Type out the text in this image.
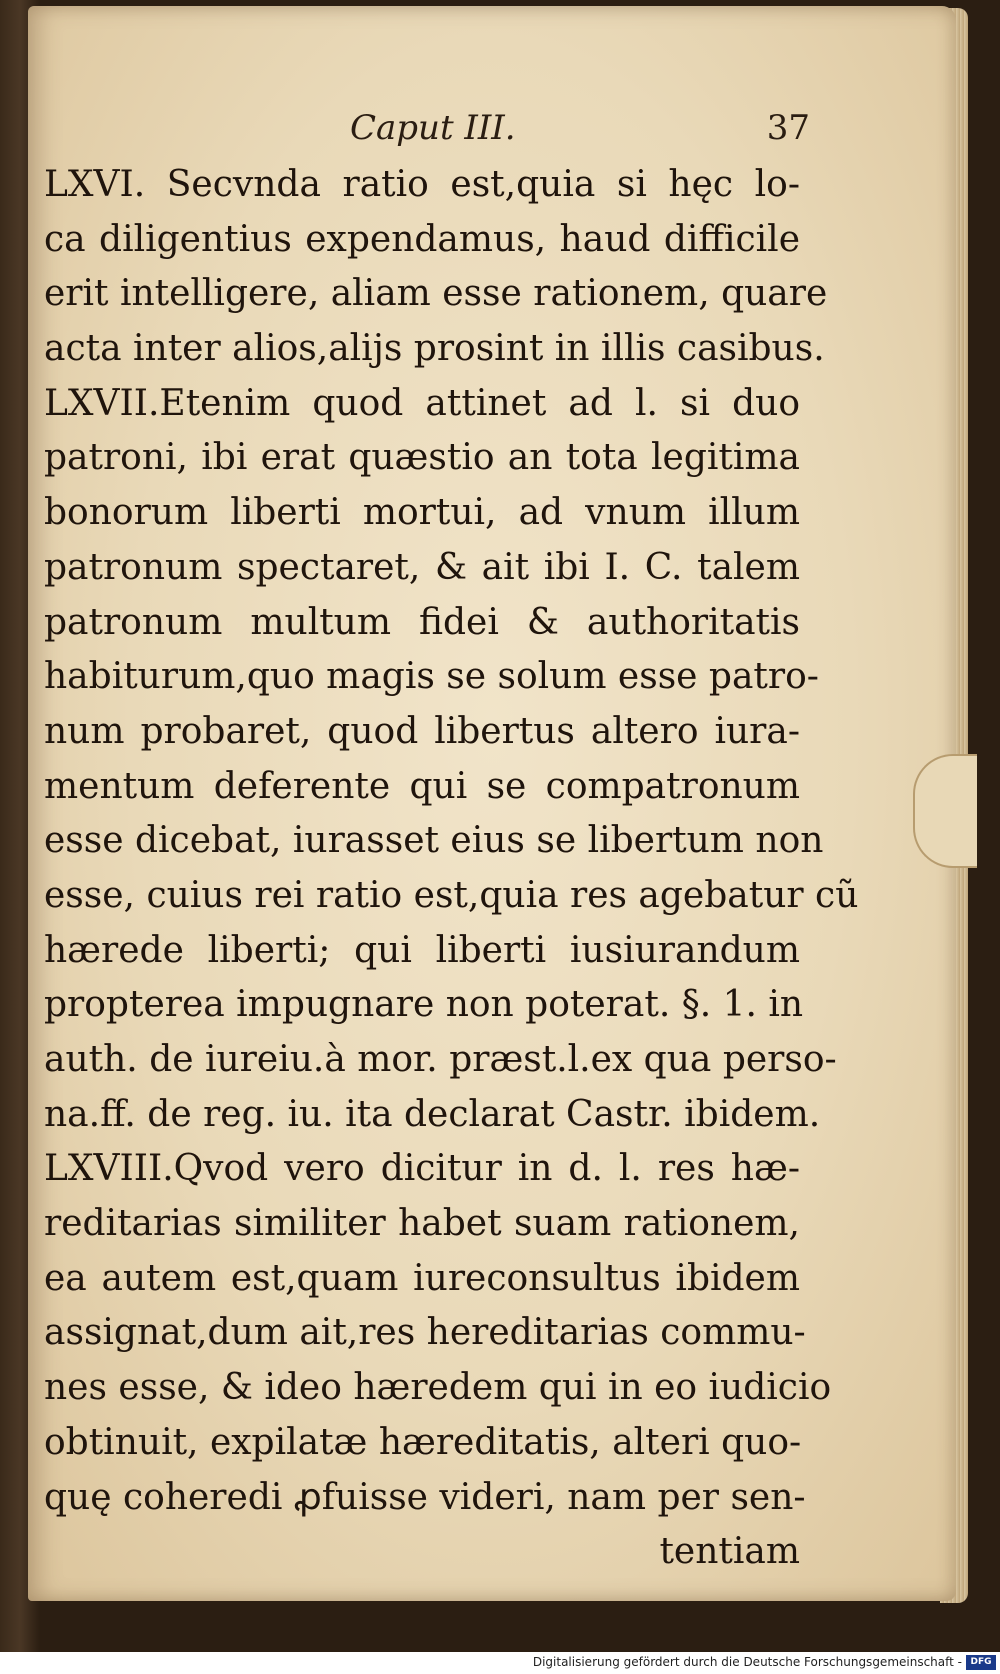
Caput III.	37
LXVI. Secvnda ratio est,quia si hęc lo-
ca diligentius expendamus, haud difficile
erit intelligere, aliam esse rationem, quare
acta inter alios,alijs prosint in illis casibus.
LXVII.Etenim quod attinet ad l. si duo
patroni, ibi erat quæstio an tota legitima
bonorum liberti mortui, ad vnum illum
patronum spectaret, & ait ibi I. C. talem
patronum multum fidei & authoritatis
habiturum,quo magis se solum esse patro-
num probaret, quod libertus altero iura-
mentum deferente qui se compatronum
esse dicebat, iurasset eius se libertum non
esse, cuius rei ratio est,quia res agebatur cũ
hærede liberti; qui liberti iusiurandum
propterea impugnare non poterat. §. 1. in
auth. de iureiu.à mor. præst.l.ex qua perso-
na.ff. de reg. iu. ita declarat Castr. ibidem.
LXVIII.Qvod vero dicitur in d. l. res hæ-
reditarias similiter habet suam rationem,
ea autem est,quam iureconsultus ibidem
assignat,dum ait,res hereditarias commu-
nes esse, & ideo hæredem qui in eo iudicio
obtinuit, expilatæ hæreditatis, alteri quo-
quę coheredi ꝓfuisse videri, nam per sen-
tentiam
Digitalisierung gefördert durch die Deutsche Forschungsgemeinschaft - DFG
